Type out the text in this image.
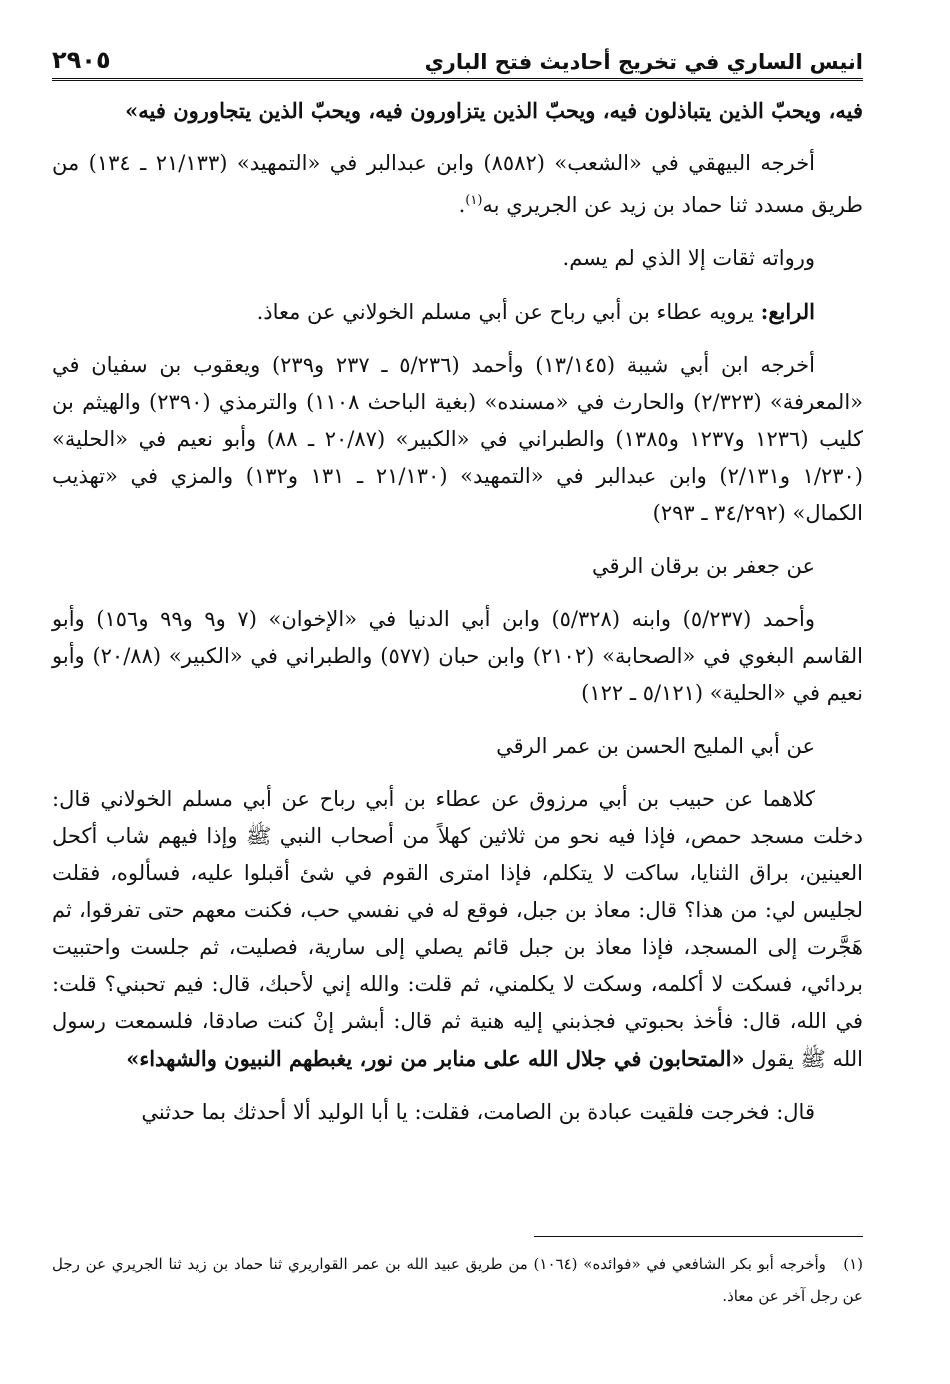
انيس الساري في تخريج أحاديث فتح الباري
٢٩٠٥

فيه، ويحبّ الذين يتباذلون فيه، ويحبّ الذين يتزاورون فيه، ويحبّ الذين يتجاورون فيه»

أخرجه البيهقي في «الشعب» (٨٥٨٢) وابن عبدالبر في «التمهيد» (٢١/١٣٣ ـ ١٣٤) من طريق مسدد ثنا حماد بن زيد عن الجريري به$^{(١)}$.

ورواته ثقات إلا الذي لم يسم.

الرابع: يرويه عطاء بن أبي رباح عن أبي مسلم الخولاني عن معاذ.

أخرجه ابن أبي شيبة (١٣/١٤٥) وأحمد (٥/٢٣٦ ـ ٢٣٧ و٢٣٩) ويعقوب بن سفيان في «المعرفة» (٢/٣٢٣) والحارث في «مسنده» (بغية الباحث ١١٠٨) والترمذي (٢٣٩٠) والهيثم بن كليب (١٢٣٦ و١٢٣٧ و١٣٨٥) والطبراني في «الكبير» (٢٠/٨٧ ـ ٨٨) وأبو نعيم في «الحلية» (١/٢٣٠ و٢/١٣١) وابن عبدالبر في «التمهيد» (٢١/١٣٠ ـ ١٣١ و١٣٢) والمزي في «تهذيب الكمال» (٣٤/٢٩٢ ـ ٢٩٣)

عن جعفر بن برقان الرقي

وأحمد (٥/٢٣٧) وابنه (٥/٣٢٨) وابن أبي الدنيا في «الإخوان» (٧ و٩ و٩٩ و١٥٦) وأبو القاسم البغوي في «الصحابة» (٢١٠٢) وابن حبان (٥٧٧) والطبراني في «الكبير» (٢٠/٨٨) وأبو نعيم في «الحلية» (٥/١٢١ ـ ١٢٢)

عن أبي المليح الحسن بن عمر الرقي

كلاهما عن حبيب بن أبي مرزوق عن عطاء بن أبي رباح عن أبي مسلم الخولاني قال: دخلت مسجد حمص، فإذا فيه نحو من ثلاثين كهلاً من أصحاب النبي ﷺ وإذا فيهم شاب أكحل العينين، براق الثنايا، ساكت لا يتكلم، فإذا امترى القوم في شئ أقبلوا عليه، فسألوه، فقلت لجليس لي: من هذا؟ قال: معاذ بن جبل، فوقع له في نفسي حب، فكنت معهم حتى تفرقوا، ثم هَجَّرت إلى المسجد، فإذا معاذ بن جبل قائم يصلي إلى سارية، فصليت، ثم جلست واحتبيت بردائي، فسكت لا أكلمه، وسكت لا يكلمني، ثم قلت: والله إني لأحبك، قال: فيم تحبني؟ قلت: في الله، قال: فأخذ بحبوتي فجذبني إليه هنية ثم قال: أبشر إنْ كنت صادقا، فلسمعت رسول الله ﷺ يقول «المتحابون في جلال الله على منابر من نور، يغبطهم النبيون والشهداء»

قال: فخرجت فلقيت عبادة بن الصامت، فقلت: يا أبا الوليد ألا أحدثك بما حدثني

(١)   وأخرجه أبو بكر الشافعي في «فوائده» (١٠٦٤) من طريق عبيد الله بن عمر القواريري ثنا حماد بن زيد ثنا الجريري عن رجل عن رجل آخر عن معاذ.
